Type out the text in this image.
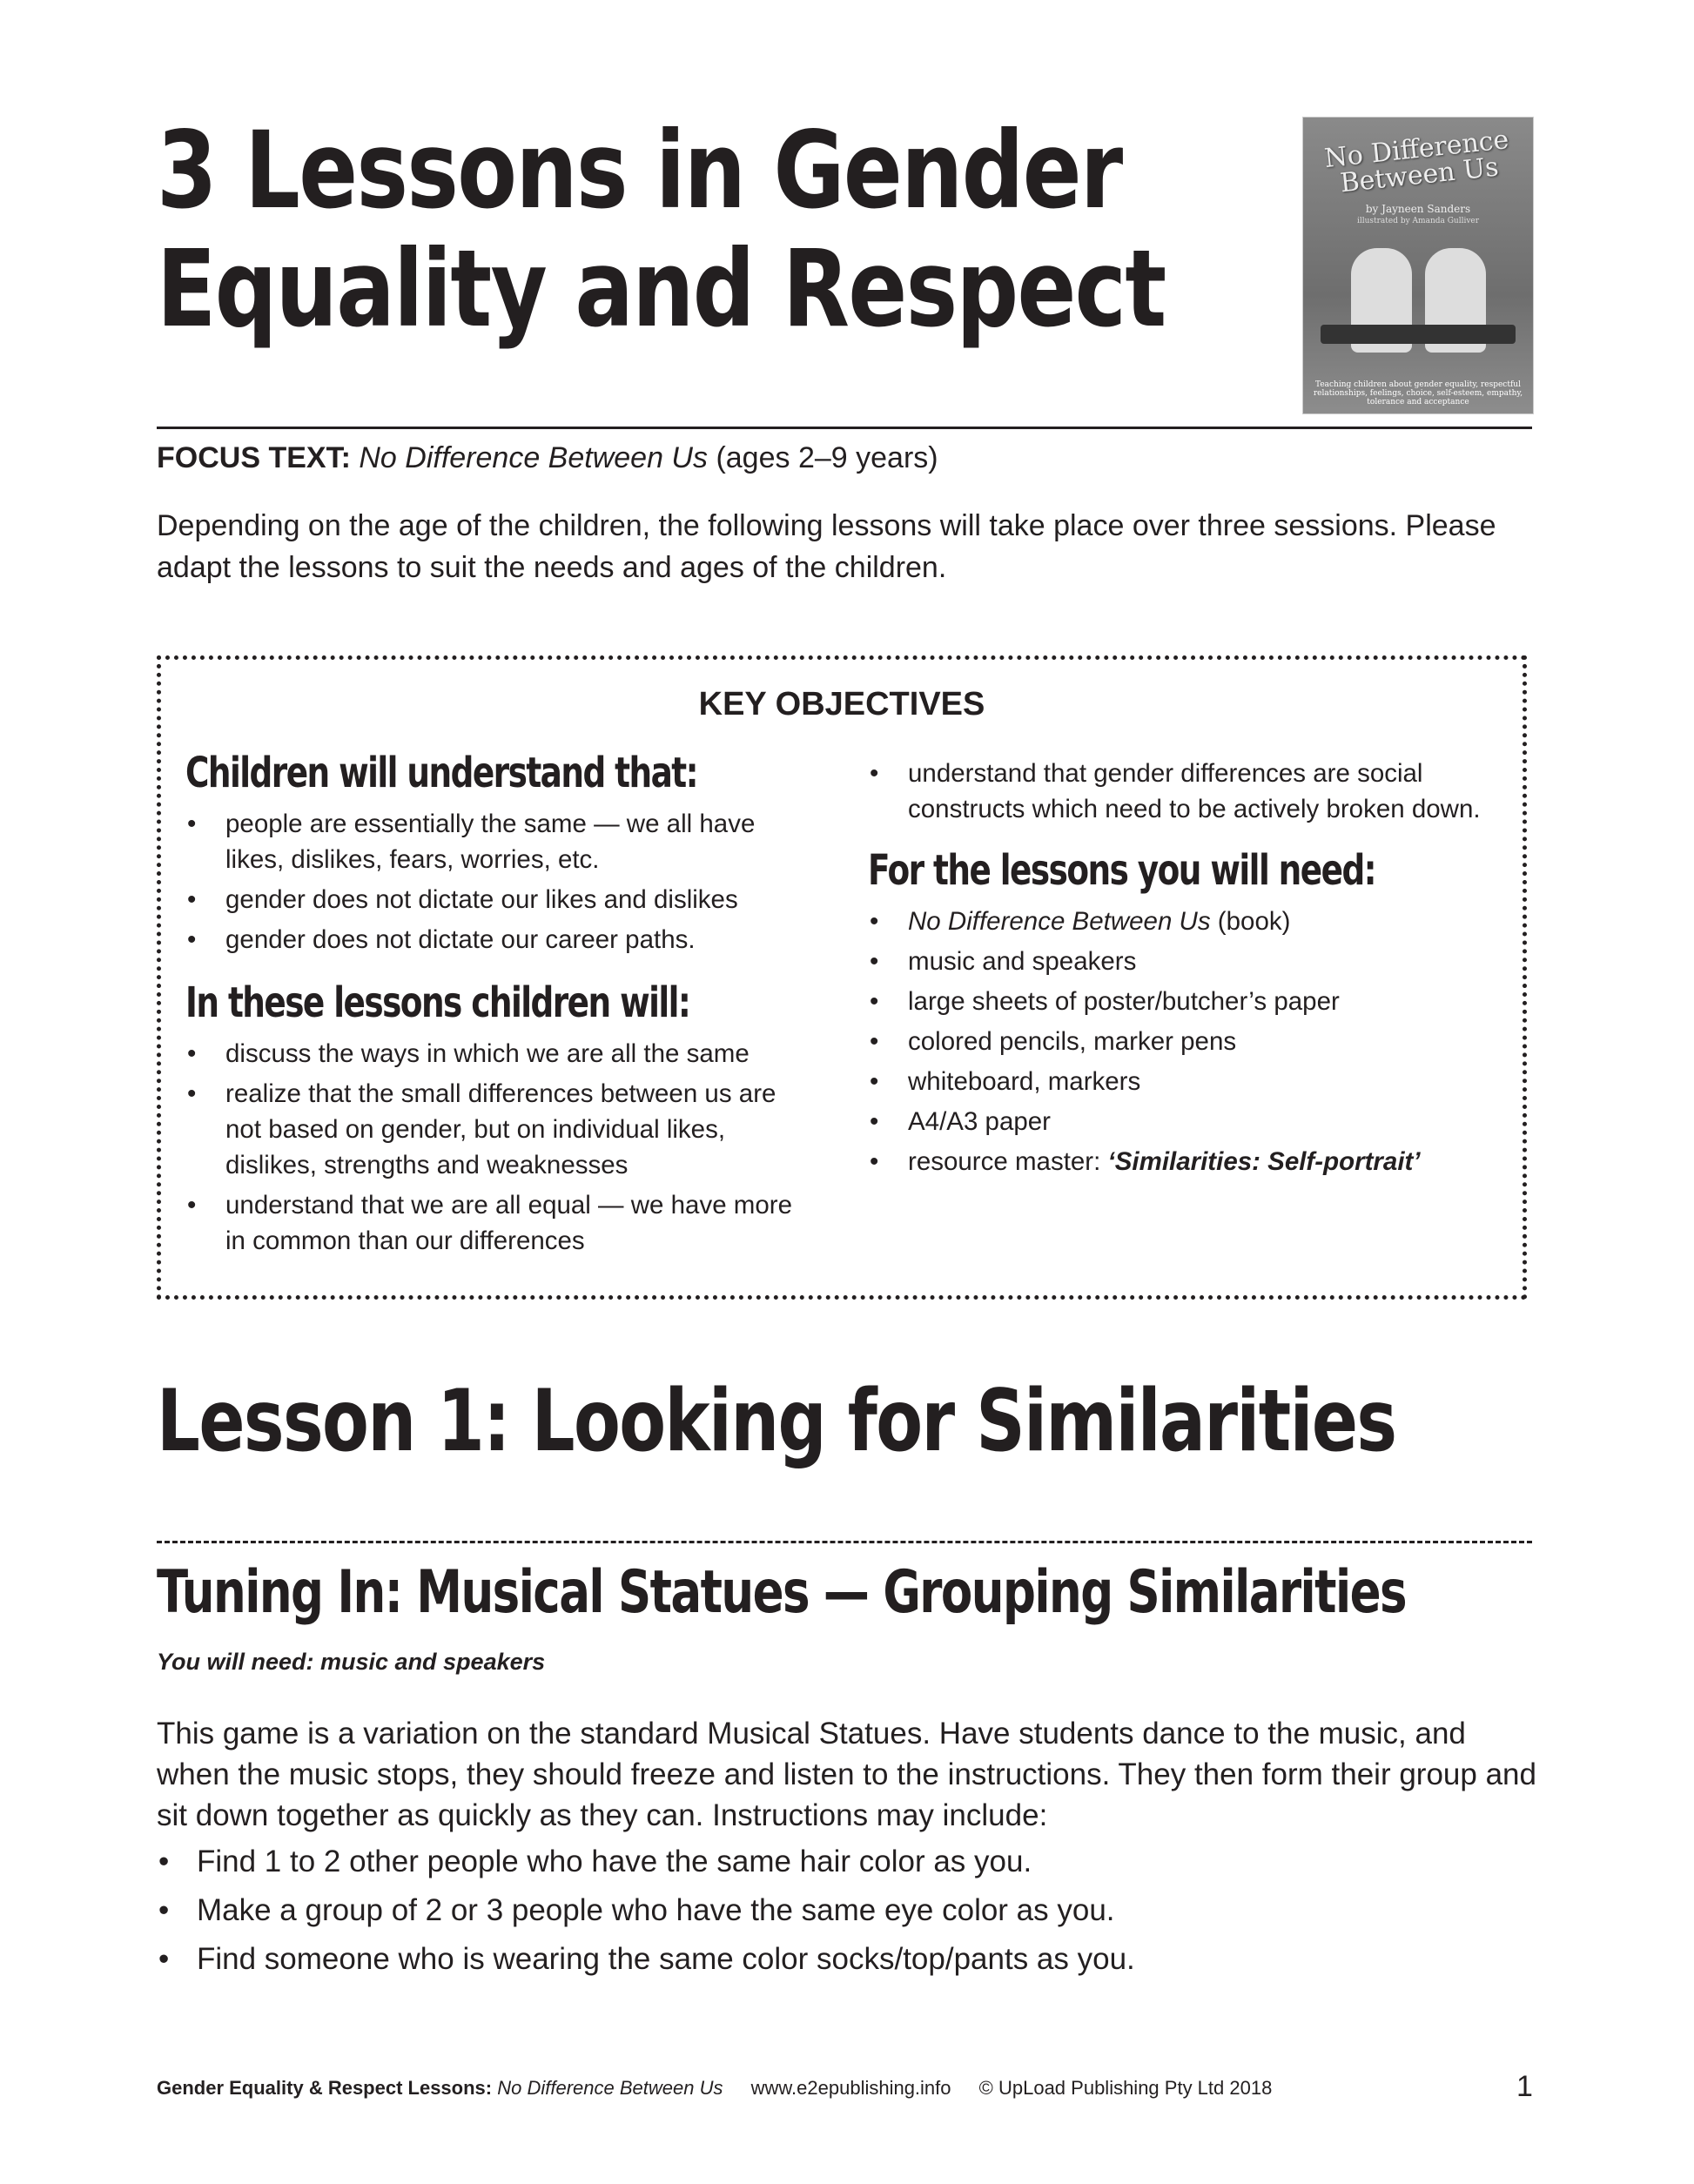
3 Lessons in Gender
Equality and Respect
No Difference Between Us
by Jayneen Sanders
illustrated by Amanda Gulliver
Teaching children about gender equality, respectful relationships, feelings, choice, self-esteem, empathy, tolerance and acceptance
FOCUS TEXT: No Difference Between Us (ages 2–9 years)
Depending on the age of the children, the following lessons will take place over three sessions. Please adapt the lessons to suit the needs and ages of the children.
KEY OBJECTIVES
Children will understand that:
• people are essentially the same — we all have likes, dislikes, fears, worries, etc.
• gender does not dictate our likes and dislikes
• gender does not dictate our career paths.
In these lessons children will:
• discuss the ways in which we are all the same
• realize that the small differences between us are not based on gender, but on individual likes, dislikes, strengths and weaknesses
• understand that we are all equal — we have more in common than our differences
• understand that gender differences are social constructs which need to be actively broken down.
For the lessons you will need:
• No Difference Between Us (book)
• music and speakers
• large sheets of poster/butcher’s paper
• colored pencils, marker pens
• whiteboard, markers
• A4/A3 paper
• resource master: ‘Similarities: Self-portrait’
Lesson 1: Looking for Similarities
Tuning In: Musical Statues — Grouping Similarities
You will need: music and speakers
This game is a variation on the standard Musical Statues. Have students dance to the music, and when the music stops, they should freeze and listen to the instructions. They then form their group and sit down together as quickly as they can. Instructions may include:
• Find 1 to 2 other people who have the same hair color as you.
• Make a group of 2 or 3 people who have the same eye color as you.
• Find someone who is wearing the same color socks/top/pants as you.
Gender Equality & Respect Lessons: No Difference Between Us www.e2epublishing.info © UpLoad Publishing Pty Ltd 2018	1
